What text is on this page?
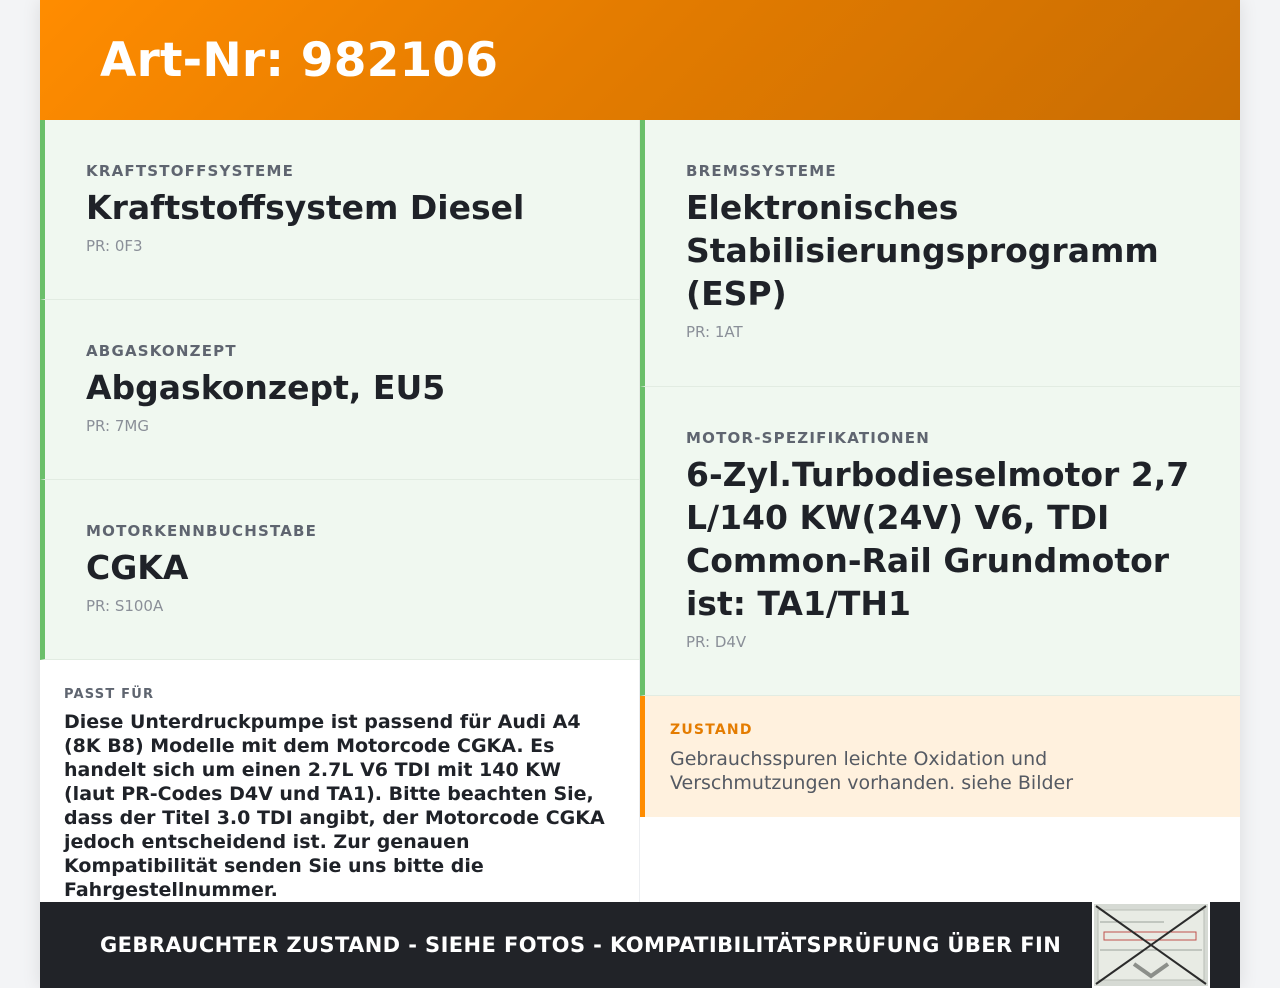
Art-Nr: 982106
KRAFTSTOFFSYSTEME
Kraftstoffsystem Diesel
PR: 0F3
ABGASKONZEPT
Abgaskonzept, EU5
PR: 7MG
MOTORKENNBUCHSTABE
CGKA
PR: S100A
PASST FÜR
Diese Unterdruckpumpe ist passend für Audi A4 (8K B8) Modelle mit dem Motorcode CGKA. Es handelt sich um einen 2.7L V6 TDI mit 140 KW (laut PR-Codes D4V und TA1). Bitte beachten Sie, dass der Titel 3.0 TDI angibt, der Motorcode CGKA jedoch entscheidend ist. Zur genauen Kompatibilität senden Sie uns bitte die Fahrgestellnummer.
BREMSSYSTEME
Elektronisches Stabilisierungsprogramm (ESP)
PR: 1AT
MOTOR-SPEZIFIKATIONEN
6-Zyl.Turbodieselmotor 2,7 L/140 KW(24V) V6, TDI Common-Rail Grundmotor ist: TA1/TH1
PR: D4V
ZUSTAND
Gebrauchsspuren leichte Oxidation und Verschmutzungen vorhanden. siehe Bilder
GEBRAUCHTER ZUSTAND - SIEHE FOTOS - KOMPATIBILITÄTSPRÜFUNG ÜBER FIN
